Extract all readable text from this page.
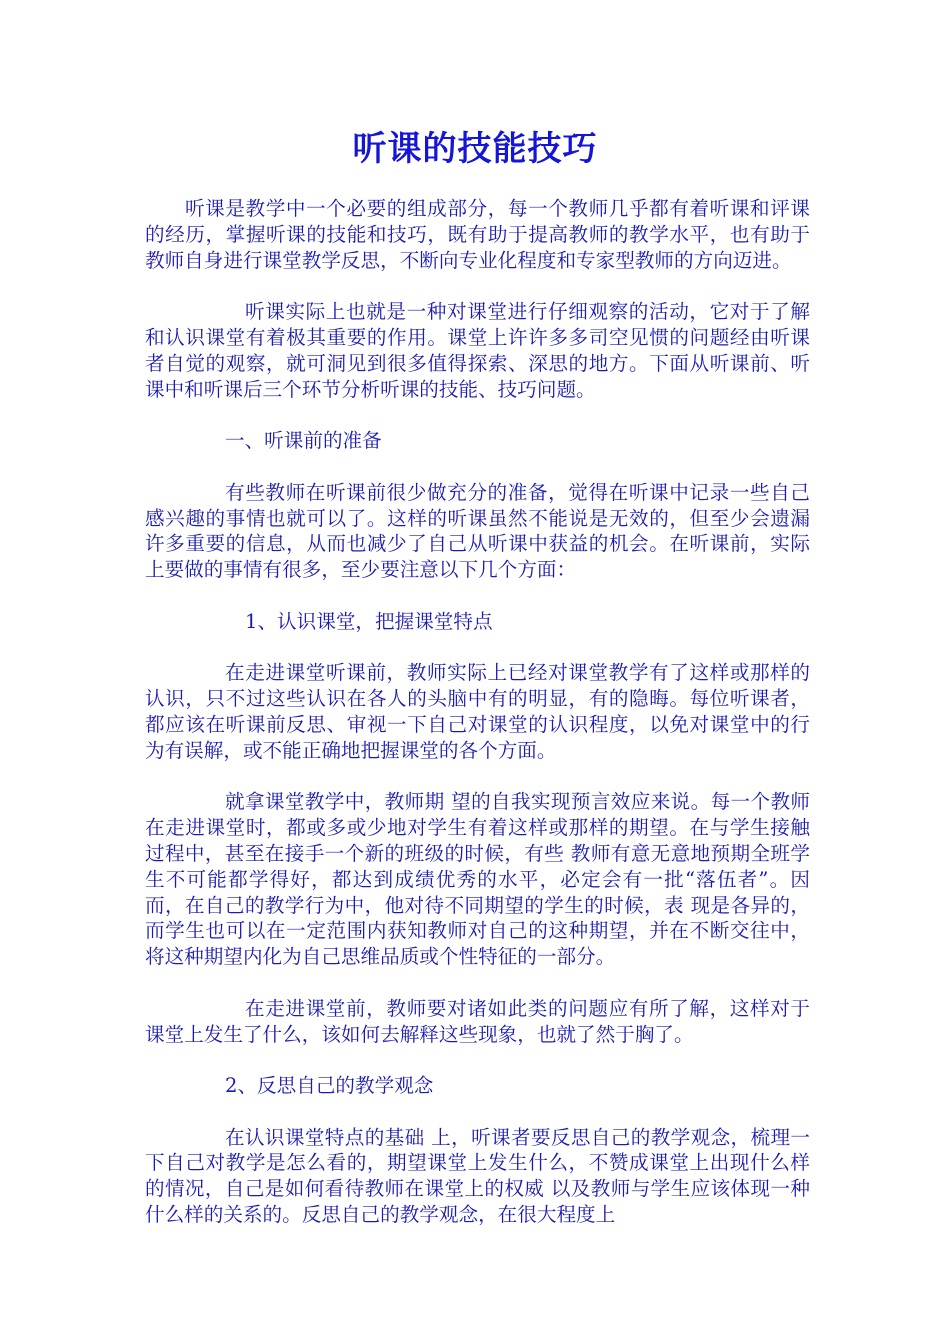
听课的技能技巧

听课是教学中一个必要的组成部分，每一个教师几乎都有着听课和评课的经历，掌握听课的技能和技巧，既有助于提高教师的教学水平，也有助于教师自身进行课堂教学反思，不断向专业化程度和专家型教师的方向迈进。

听课实际上也就是一种对课堂进行仔细观察的活动，它对于了解和认识课堂有着极其重要的作用。课堂上许许多多司空见惯的问题经由听课者自觉的观察，就可洞见到很多值得探索、深思的地方。下面从听课前、听课中和听课后三个环节分析听课的技能、技巧问题。

一、听课前的准备

有些教师在听课前很少做充分的准备，觉得在听课中记录一些自己感兴趣的事情也就可以了。这样的听课虽然不能说是无效的，但至少会遗漏许多重要的信息，从而也减少了自己从听课中获益的机会。在听课前，实际上要做的事情有很多，至少要注意以下几个方面：

1、认识课堂，把握课堂特点

在走进课堂听课前，教师实际上已经对课堂教学有了这样或那样的认识，只不过这些认识在各人的头脑中有的明显，有的隐晦。每位听课者，都应该在听课前反思、审视一下自己对课堂的认识程度，以免对课堂中的行为有误解，或不能正确地把握课堂的各个方面。

就拿课堂教学中，教师期 望的自我实现预言效应来说。每一个教师在走进课堂时，都或多或少地对学生有着这样或那样的期望。在与学生接触过程中，甚至在接手一个新的班级的时候，有些 教师有意无意地预期全班学生不可能都学得好，都达到成绩优秀的水平，必定会有一批“落伍者”。因而，在自己的教学行为中，他对待不同期望的学生的时候，表 现是各异的，而学生也可以在一定范围内获知教师对自己的这种期望，并在不断交往中，将这种期望内化为自己思维品质或个性特征的一部分。

在走进课堂前，教师要对诸如此类的问题应有所了解，这样对于课堂上发生了什么，该如何去解释这些现象，也就了然于胸了。

2、反思自己的教学观念

在认识课堂特点的基础 上，听课者要反思自己的教学观念，梳理一下自己对教学是怎么看的，期望课堂上发生什么，不赞成课堂上出现什么样的情况，自己是如何看待教师在课堂上的权威 以及教师与学生应该体现一种什么样的关系的。反思自己的教学观念，在很大程度上
